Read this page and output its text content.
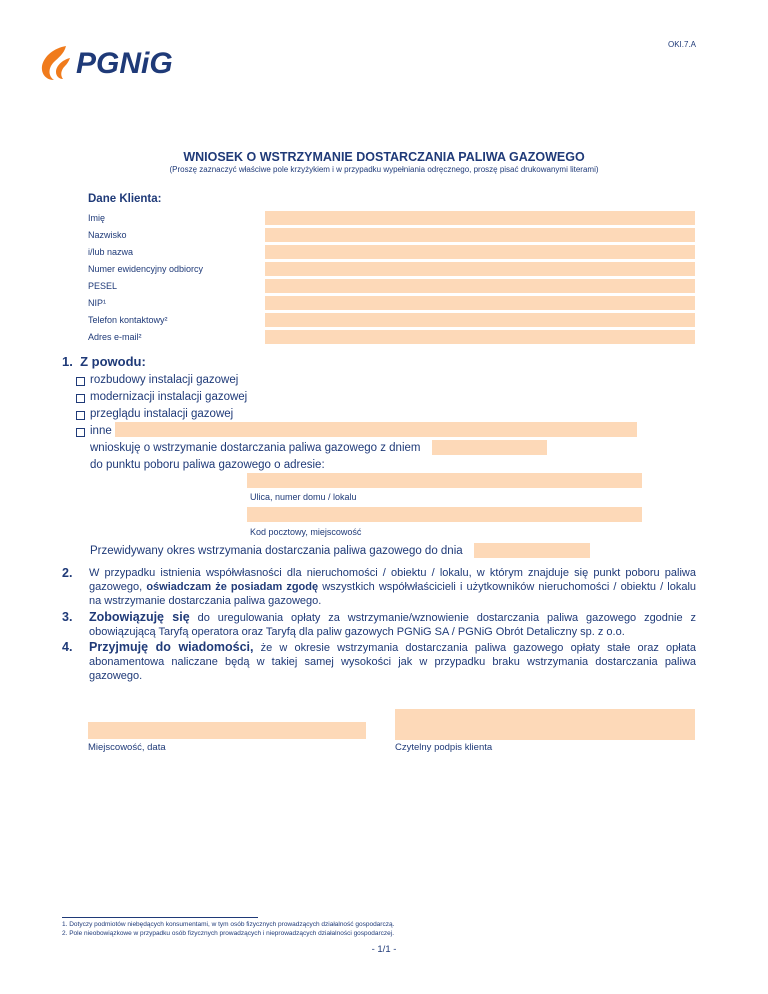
OKI.7.A
PGNiG
WNIOSEK O WSTRZYMANIE DOSTARCZANIA PALIWA GAZOWEGO
(Proszę zaznaczyć właściwe pole krzyżykiem i w przypadku wypełniania odręcznego, proszę pisać drukowanymi literami)
Dane Klienta:
Imię
Nazwisko
i/lub nazwa
Numer ewidencyjny odbiorcy
PESEL
NIP¹
Telefon kontaktowy²
Adres e-mail²
1. Z powodu:
rozbudowy instalacji gazowej
modernizacji instalacji gazowej
przeglądu instalacji gazowej
inne
wnioskuję o wstrzymanie dostarczania paliwa gazowego z dniem
do punktu poboru paliwa gazowego o adresie:
Ulica, numer domu / lokalu
Kod pocztowy, miejscowość
Przewidywany okres wstrzymania dostarczania paliwa gazowego do dnia
2. W przypadku istnienia współwłasności dla nieruchomości / obiektu / lokalu, w którym znajduje się punkt poboru paliwa gazowego, oświadczam że posiadam zgodę wszystkich współwłaścicieli i użytkowników nieruchomości / obiektu / lokalu na wstrzymanie dostarczania paliwa gazowego.
3. Zobowiązuję się do uregulowania opłaty za wstrzymanie/wznowienie dostarczania paliwa gazowego zgodnie z obowiązującą Taryfą operatora oraz Taryfą dla paliw gazowych PGNiG SA / PGNiG Obrót Detaliczny sp. z o.o.
4. Przyjmuję do wiadomości, że w okresie wstrzymania dostarczania paliwa gazowego opłaty stałe oraz opłata abonamentowa naliczane będą w takiej samej wysokości jak w przypadku braku wstrzymania dostarczania paliwa gazowego.
Miejscowość, data	Czytelny podpis klienta
1. Dotyczy podmiotów niebędących konsumentami, w tym osób fizycznych prowadzących działalność gospodarczą.
2. Pole nieobowiązkowe w przypadku osób fizycznych prowadzących i nieprowadzących działalności gospodarczej.
- 1/1 -
